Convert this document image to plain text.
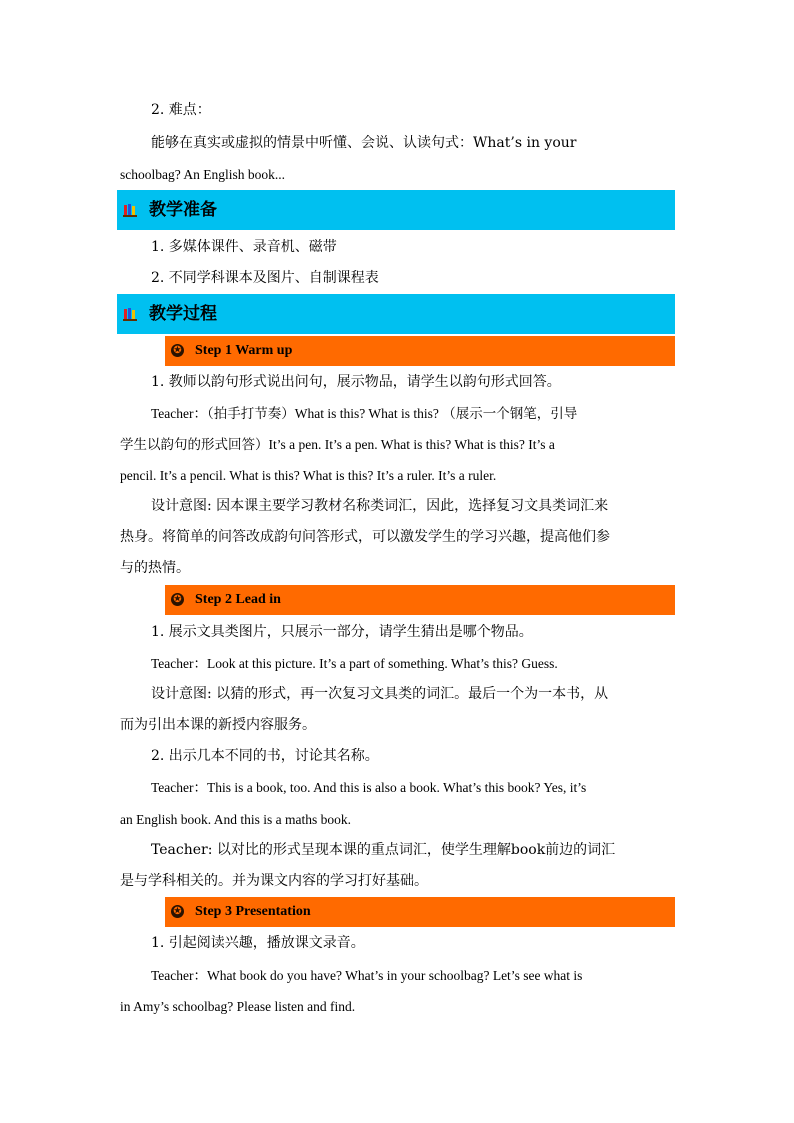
2. 难点：
能够在真实或虚拟的情景中听懂、会说、认读句式：What’s in your
schoolbag? An English book...
教学准备
1. 多媒体课件、录音机、磁带
2. 不同学科课本及图片、自制课程表
教学过程
✪ Step 1 Warm up
1. 教师以韵句形式说出问句，展示物品，请学生以韵句形式回答。
Teacher：（拍手打节奏）What is this? What is this? （展示一个钢笔，引导
学生以韵句的形式回答）It’s a pen. It’s a pen. What is this? What is this? It’s a
pencil. It’s a pencil. What is this? What is this? It’s a ruler. It’s a ruler.
设计意图: 因本课主要学习教材名称类词汇，因此，选择复习文具类词汇来
热身。将简单的问答改成韵句问答形式，可以激发学生的学习兴趣，提高他们参
与的热情。
✪ Step 2 Lead in
1. 展示文具类图片，只展示一部分，请学生猜出是哪个物品。
Teacher：Look at this picture. It’s a part of something. What’s this? Guess.
设计意图: 以猜的形式，再一次复习文具类的词汇。最后一个为一本书，从
而为引出本课的新授内容服务。
2. 出示几本不同的书，讨论其名称。
Teacher：This is a book, too. And this is also a book. What’s this book? Yes, it’s
an English book. And this is a maths book.
Teacher: 以对比的形式呈现本课的重点词汇，使学生理解book前边的词汇
是与学科相关的。并为课文内容的学习打好基础。
✪ Step 3 Presentation
1. 引起阅读兴趣，播放课文录音。
Teacher：What book do you have? What’s in your schoolbag? Let’s see what is
in Amy’s schoolbag? Please listen and find.
